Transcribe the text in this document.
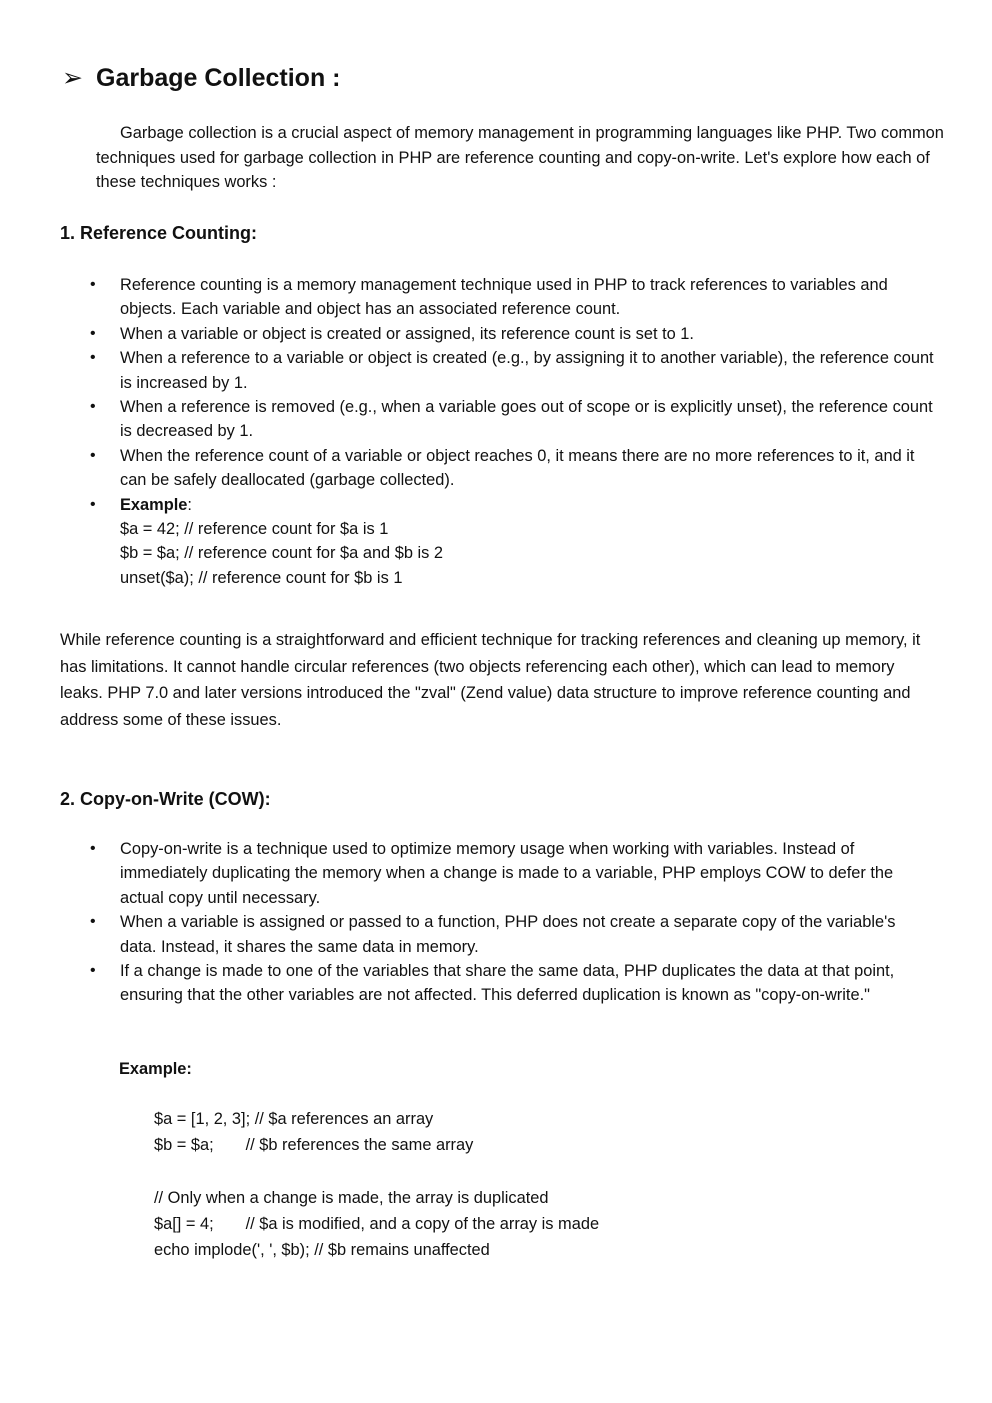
➢ Garbage Collection :

Garbage collection is a crucial aspect of memory management in programming languages like PHP. Two common techniques used for garbage collection in PHP are reference counting and copy-on-write. Let's explore how each of these techniques works :

1. Reference Counting:
• Reference counting is a memory management technique used in PHP to track references to variables and objects. Each variable and object has an associated reference count.
• When a variable or object is created or assigned, its reference count is set to 1.
• When a reference to a variable or object is created (e.g., by assigning it to another variable), the reference count is increased by 1.
• When a reference is removed (e.g., when a variable goes out of scope or is explicitly unset), the reference count is decreased by 1.
• When the reference count of a variable or object reaches 0, it means there are no more references to it, and it can be safely deallocated (garbage collected).
• Example:
$a = 42; // reference count for $a is 1
$b = $a; // reference count for $a and $b is 2
unset($a); // reference count for $b is 1

While reference counting is a straightforward and efficient technique for tracking references and cleaning up memory, it has limitations. It cannot handle circular references (two objects referencing each other), which can lead to memory leaks. PHP 7.0 and later versions introduced the "zval" (Zend value) data structure to improve reference counting and address some of these issues.

2. Copy-on-Write (COW):
• Copy-on-write is a technique used to optimize memory usage when working with variables. Instead of immediately duplicating the memory when a change is made to a variable, PHP employs COW to defer the actual copy until necessary.
• When a variable is assigned or passed to a function, PHP does not create a separate copy of the variable's data. Instead, it shares the same data in memory.
• If a change is made to one of the variables that share the same data, PHP duplicates the data at that point, ensuring that the other variables are not affected. This deferred duplication is known as "copy-on-write."

Example:

$a = [1, 2, 3]; // $a references an array
$b = $a;       // $b references the same array
// Only when a change is made, the array is duplicated
$a[] = 4;       // $a is modified, and a copy of the array is made
echo implode(', ', $b); // $b remains unaffected
